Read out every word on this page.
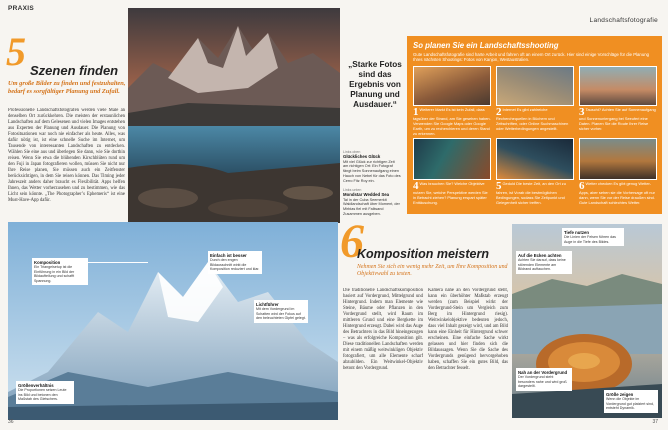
PRAXIS
Landschaftsfotografie
5 Szenen finden
Um große Bilder zu finden und festzuhalten, bedarf es sorgfältiger Planung und Zufall.
Professionelle Landschaftsfotografen werden viele Male an denselben Ort zurückkehren. Die meisten der erstaunlichen Landschaften auf dem Gelesenen und vielen Images entstehen aus Experten der Planung und Ausdauer. Die Planung von Fotosituationen war noch nie einfacher als heute. Alles, was dafür nötig ist, ist eine schnelle Suche im Internet, um Tausende von interessanten Landschaften zu entdecken. Wählen Sie eine aus und überlegen Sie dann, wie Sie dorthin reisen. Wenn Sie etwa die blühenden Kirschblüten rund um den Fuji in Japan fotografieren wollen, müssen Sie nicht nur Ihre Reise planen, Sie müssen auch ein Zeitfenster berücksichtigen, in dem Sie reisen können. Das Timing jeder Jahreszeit anders daher braucht es Flexibilität. Apps helfen Ihnen, das Wetter vorherzusehen und zu bestimmen, wie das Licht sein könnte. „The Photographer’s Ephemeris“ ist eine Must-Have-App dafür.
„Starke Fotos sind das Ergebnis von Planung und Ausdauer.“
Links oben
Glückliches Glück
Mit viel Glück zur richtigen Zeit am richtigen Ort: Ein Fotograf fängt beim Sonnenaufgang einen Hauch von Nebel für das Foto des Cerro Fitz Roy ein.
Links unten
Mondstar Wedded Sea
Tal in der Cuba Seemerkit Waldlandschaft über Moment, der Mirbias fiel mit Fallwand Zusammen ausgeben.
So planen Sie ein Landschaftsshooting
Gute Landschaftsfotografie sind harte Arbeit und fahren oft an einem Ort zurück. Hier sind einige Vorschläge für die Planung Ihres nächsten Shootings: Fotos von Kanjon, Westaustralien.
1Weiterer Markt Es ist kein Zufall, dass tagsüber der Strand, am Sie gesehen haben. Verwenden Sie Google Maps oder Google Earth, um zu recherchieren und deren Stand zu erkennen.
2Internet Es gibt zahlreiche Recherchequellen in Büchern und Zeitschriften, oder Online Suchmaschinen oder Wetterbedingungen angestellt.
3Tauscht? Achten Sie auf Sonnenaufgang und Sonnenuntergang bei Seeuferi eine Daten. Planen Sie die Route Ihrer Reise sicher vorher.
4Was brauchen Sie? Welche Objektive nutzen Sie, welche Perspektive werden Sie in Betracht ziehen? Planung erspart später Enttäuschung.
5Geduld Die beste Zeit, an den Ort zu fahren, ist Vorab die bestmöglichen Bedingungen, sodass Sie Zeitpunkt und Gelegenheit sicher treffen.
6Wetter checken Es gibt genug Wetter-Apps, aber sehen sie die Vorhersage oft nur dann, wenn Sie vor der Reise draußen sind. Gute Landschaft schlechtes Wetter.
Komposition
Ein Triangelsetup ist die Einführung in ein Bild der Bildaufteilung und schafft Spannung.
Einfach ist besser
Durch den engen Bildausschnitt wirkt die Komposition reduziert und klar.
Lichtführer
Mit dem Vordergrund im Schatten wird der Fokus auf den beleuchteten Gipfel gelegt.
Größenverhältnis
Die Proportionen setzen Leute ins Bild und betonen den Maßstab des Gletschers.
6
Komposition meistern
Nehmen Sie sich ein wenig mehr Zeit, um Ihre Komposition und Objektivwahl zu testen.
Die traditionelle Landschaftskomposition basiert auf Vordergrund, Mittelgrund und Hintergrund. Indem man Elemente wie Steine, Bäume oder Pflanzen in den Vordergrund stellt, wird Raum im mittleren Grund und eine Bergkette im Hintergrund erzeugt. Dabei wird das Auge des Betrachters in das Bild hineingezogen – was als erfolgreiche Komposition gilt. Diese traditionellen Landschaften werden mit einem mäßig weitwinkligen Objektiv fotografiert, um alle Elemente scharf abzubilden. Ein Weitwinkel-Objektiv betont den Vordergrund.
Kamera nahe an den Vordergrund stellt, kann ein überhöhter Maßstab erzeugt werden (zum Beispiel wirkt der Vordergrund-Stein um Vergleich zum Berg im Hintergrund riesig). Weitwinkelobjektive bedeuten jedoch, dass viel Inhalt gezeigt wird, und am Bild kann eine Einheit für Hintergrund schwer erscheinen. Eine einfache Sache wirkt gelassen und hier finden sich die Bildaussagen. Wenn Sie die Sache des Vordergrunds genügend hervorgehoben haben, schaffen Sie ein gutes Bild, das den Betrachter fesselt.
Tiefe nutzen
Die Linien der Felsen führen das Auge in die Tiefe des Bildes.
Auf die Ecken achten
Achten Sie darauf, dass keine störenden Elemente am Bildrand auftauchen.
Nah an der Vordergrund
Der Vordergrund steht besonders nahe und wird groß dargestellt.
Größe zeigen
Wenn die Objekte im Vordergrund gut platziert sind, entsteht Dynamik.
36	37
